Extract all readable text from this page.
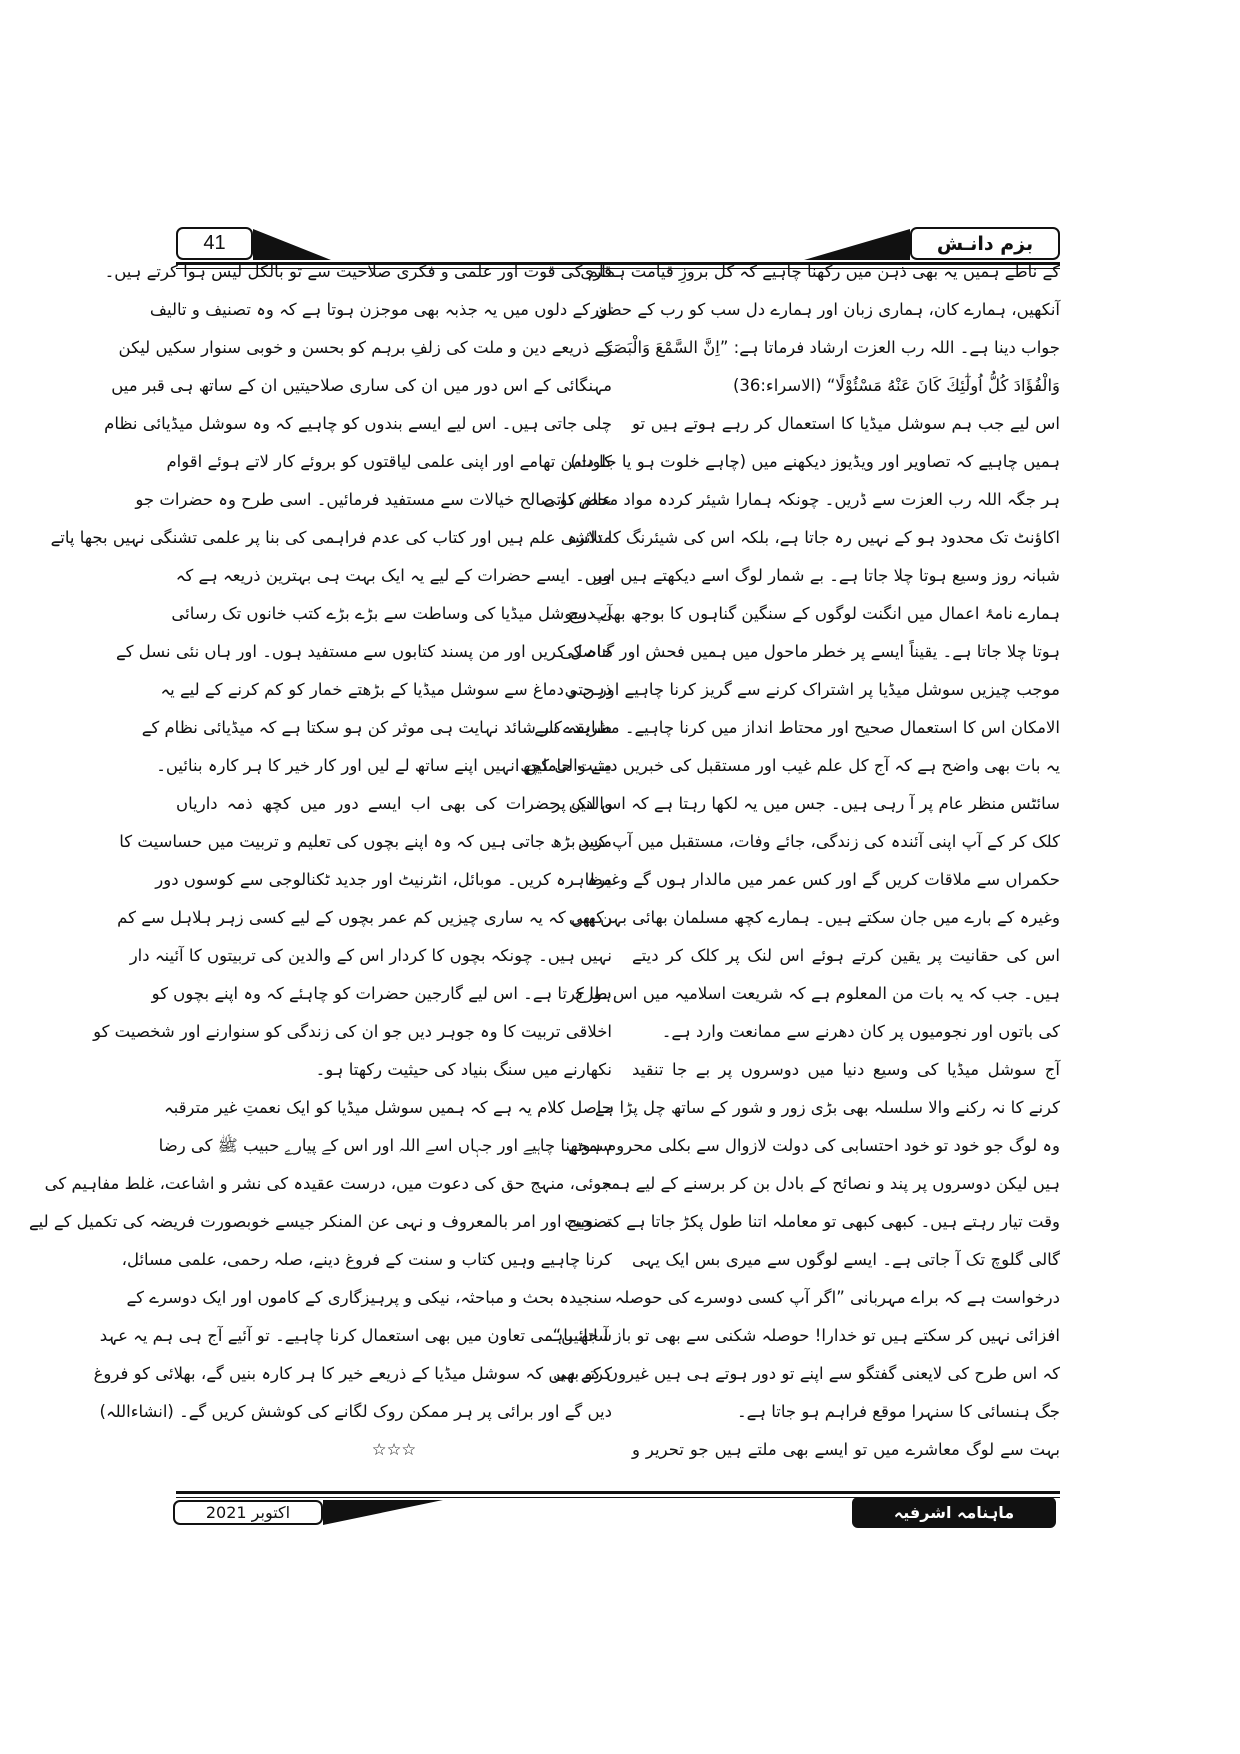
41	بزم دانـش
کے ناطے ہمیں یہ بھی ذہن میں رکھنا چاہیے کہ کل بروزِ قیامت ہماری
آنکھیں، ہمارے کان، ہماری زبان اور ہمارے دل سب کو رب کے حضور
جواب دینا ہے۔ اللہ رب العزت ارشاد فرماتا ہے: ”اِنَّ السَّمْعَ وَالْبَصَرَ
وَالْفُؤَادَ كُلُّ اُولٰٓئِكَ كَانَ عَنْهُ مَسْئُوْلًا“ (الاسراء:36)
اس لیے جب ہم سوشل میڈیا کا استعمال کر رہے ہوتے ہیں تو
ہمیں چاہیے کہ تصاویر اور ویڈیوز دیکھنے میں (چاہے خلوت ہو یا جلوت)
ہر جگہ اللہ رب العزت سے ڈریں۔ چونکہ ہمارا شیئر کردہ مواد محض ذاتی
اکاؤنٹ تک محدود ہو کے نہیں رہ جاتا ہے، بلکہ اس کی شیئرنگ کا دائرہ
شبانہ روز وسیع ہوتا چلا جاتا ہے۔ بے شمار لوگ اسے دیکھتے ہیں اور
ہمارے نامۂ اعمال میں انگنت لوگوں کے سنگین گناہوں کا بوجھ بھی درج
ہوتا چلا جاتا ہے۔ یقیناً ایسے پر خطر ماحول میں ہمیں فحش اور گناہ کی
موجب چیزیں سوشل میڈیا پر اشتراک کرنے سے گریز کرنا چاہیے اور حتی
الامکان اس کا استعمال صحیح اور محتاط انداز میں کرنا چاہیے۔ مشاہدے سے
یہ بات بھی واضح ہے کہ آج کل علم غیب اور مستقبل کی خبریں دینے والی کچھ
سائٹس منظر عام پر آ رہی ہیں۔ جس میں یہ لکھا رہتا ہے کہ اس لنک پر
کلک کر کے آپ اپنی آئندہ کی زندگی، جائے وفات، مستقبل میں آپ کس
حکمراں سے ملاقات کریں گے اور کس عمر میں مالدار ہوں گے وغیرہ
وغیرہ کے بارے میں جان سکتے ہیں۔ ہمارے کچھ مسلمان بھائی بہن بھی
اس کی حقانیت پر یقین کرتے ہوئے اس لنک پر کلک کر دیتے
ہیں۔ جب کہ یہ بات من المعلوم ہے کہ شریعت اسلامیہ میں اس طرح
کی باتوں اور نجومیوں پر کان دھرنے سے ممانعت وارد ہے۔
آج سوشل میڈیا کی وسیع دنیا میں دوسروں پر بے جا تنقید
کرنے کا نہ رکنے والا سلسلہ بھی بڑی زور و شور کے ساتھ چل پڑا ہے۔
وہ لوگ جو خود تو خود احتسابی کی دولت لازوال سے بکلی محروم ہوتے
ہیں لیکن دوسروں پر پند و نصائح کے بادل بن کر برسنے کے لیے ہمہ
وقت تیار رہتے ہیں۔ کبھی کبھی تو معاملہ اتنا طول پکڑ جاتا ہے کہ نوبت
گالی گلوچ تک آ جاتی ہے۔ ایسے لوگوں سے میری بس ایک یہی
درخواست ہے کہ براے مہربانی ”اگر آپ کسی دوسرے کی حوصلہ
افزائی نہیں کر سکتے ہیں تو خدارا! حوصلہ شکنی سے بھی تو باز آ جائیں“۔
کہ اس طرح کی لایعنی گفتگو سے اپنے تو دور ہوتے ہی ہیں غیروں کو بھی
جگ ہنسائی کا سنہرا موقع فراہم ہو جاتا ہے۔
بہت سے لوگ معاشرے میں تو ایسے بھی ملتے ہیں جو تحریر و
قلم کی قوت اور علمی و فکری صلاحیت سے تو بالکل لیس ہوا کرتے ہیں۔
ان کے دلوں میں یہ جذبہ بھی موجزن ہوتا ہے کہ وہ تصنیف و تالیف
کے ذریعے دین و ملت کی زلفِ برہم کو بحسن و خوبی سنوار سکیں لیکن
مہنگائی کے اس دور میں ان کی ساری صلاحیتیں ان کے ساتھ ہی قبر میں
چلی جاتی ہیں۔ اس لیے ایسے بندوں کو چاہیے کہ وہ سوشل میڈیائی نظام
کا دامن تھامے اور اپنی علمی لیاقتوں کو بروئے کار لاتے ہوئے اقوام
عالم کو صالح خیالات سے مستفید فرمائیں۔ اسی طرح وہ حضرات جو
متلاشی علم ہیں اور کتاب کی عدم فراہمی کی بنا پر علمی تشنگی نہیں بجھا پاتے
ہیں۔ ایسے حضرات کے لیے یہ ایک بہت ہی بہترین ذریعہ ہے کہ
آپ سوشل میڈیا کی وساطت سے بڑے بڑے کتب خانوں تک رسائی
حاصل کریں اور من پسند کتابوں سے مستفید ہوں۔ اور ہاں نئی نسل کے
ذہن و دماغ سے سوشل میڈیا کے بڑھتے خمار کو کم کرنے کے لیے یہ
طریقہ کار شائد نہایت ہی موثر کن ہو سکتا ہے کہ میڈیائی نظام کے
مثبت حاملین انہیں اپنے ساتھ لے لیں اور کار خیر کا ہر کارہ بنائیں۔
والدین حضرات کی بھی اب ایسے دور میں کچھ ذمہ داریاں
مزید بڑھ جاتی ہیں کہ وہ اپنے بچوں کی تعلیم و تربیت میں حساسیت کا
مظاہرہ کریں۔ موبائل، انٹرنیٹ اور جدید ٹکنالوجی سے کوسوں دور
رکھیں کہ یہ ساری چیزیں کم عمر بچوں کے لیے کسی زہر ہلاہل سے کم
نہیں ہیں۔ چونکہ بچوں کا کردار اس کے والدین کی تربیتوں کا آئینہ دار
ہوا کرتا ہے۔ اس لیے گارجین حضرات کو چاہئے کہ وہ اپنے بچوں کو
اخلاقی تربیت کا وہ جوہر دیں جو ان کی زندگی کو سنوارنے اور شخصیت کو
نکھارنے میں سنگ بنیاد کی حیثیت رکھتا ہو۔
حاصل کلام یہ ہے کہ ہمیں سوشل میڈیا کو ایک نعمتِ غیر مترقبہ
سمجھنا چاہیے اور جہاں اسے اللہ اور اس کے پیارے حبیب ﷺ کی رضا
جوئی، منہج حق کی دعوت میں، درست عقیدہ کی نشر و اشاعت، غلط مفاہیم کی
تصحیح اور امر بالمعروف و نہی عن المنکر جیسے خوبصورت فریضہ کی تکمیل کے لیے
کرنا چاہیے وہیں کتاب و سنت کے فروغ دینے، صلہ رحمی، علمی مسائل،
سنجیدہ بحث و مباحثہ، نیکی و پرہیزگاری کے کاموں اور ایک دوسرے کے
ساتھ باہمی تعاون میں بھی استعمال کرنا چاہیے۔ تو آئیے آج ہی ہم یہ عہد
کرتے ہیں کہ سوشل میڈیا کے ذریعے خیر کا ہر کارہ بنیں گے، بھلائی کو فروغ
دیں گے اور برائی پر ہر ممکن روک لگانے کی کوشش کریں گے۔ (انشاءاللہ)
☆☆☆
اکتوبر 2021	ماہنامہ اشرفیہ
